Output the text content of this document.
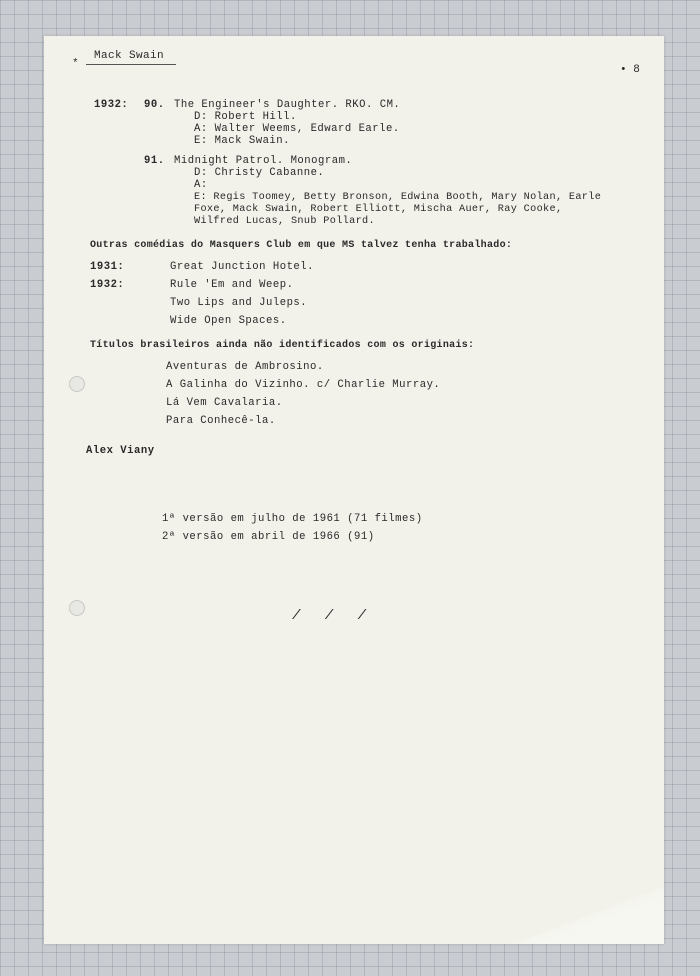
*
Mack Swain
• 8
1932: 90. The Engineer's Daughter. RKO. CM.
D: Robert Hill.
A: Walter Weems, Edward Earle.
E: Mack Swain.
91. Midnight Patrol. Monogram.
D: Christy Cabanne.
A:
E: Regis Toomey, Betty Bronson, Edwina Booth, Mary Nolan, Earle
Foxe, Mack Swain, Robert Elliott, Mischa Auer, Ray Cooke,
Wilfred Lucas, Snub Pollard.
Outras comédias do Masquers Club em que MS talvez tenha trabalhado:
1931:	Great Junction Hotel.
1932:	Rule 'Em and Weep.
Two Lips and Juleps.
Wide Open Spaces.
Títulos brasileiros ainda não identificados com os originais:
Aventuras de Ambrosino.
A Galinha do Vizinho. c/ Charlie Murray.
Lá Vem Cavalaria.
Para Conhecê-la.
Alex Viany
1ª versão em julho de 1961 (71 filmes)
2ª versão em abril de 1966 (91)
/ / /
